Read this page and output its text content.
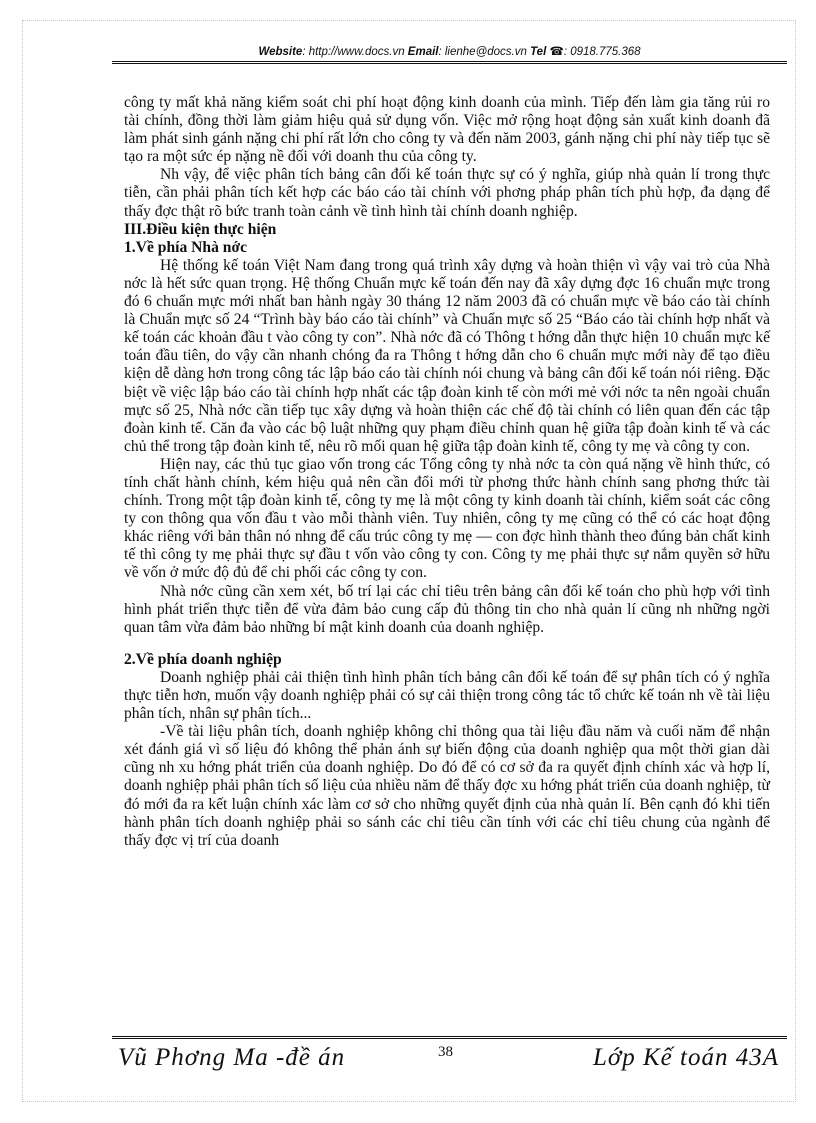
Website: http://www.docs.vn Email: lienhe@docs.vn Tel ☎: 0918.775.368

công ty mất khả năng kiểm soát chi phí hoạt động kinh doanh của mình. Tiếp đến làm gia tăng rủi ro tài chính, đồng thời làm giảm hiệu quả sử dụng vốn. Việc mở rộng hoạt động sản xuất kinh doanh đã làm phát sinh gánh nặng chi phí rất lớn cho công ty và đến năm 2003, gánh nặng chi phí này tiếp tục sẽ tạo ra một sức ép nặng nề đối với doanh thu của công ty.

Nh vậy, để việc phân tích bảng cân đối kế toán thực sự có ý nghĩa, giúp nhà quản lí trong thực tiễn, cần phải phân tích kết hợp các báo cáo tài chính với phơng pháp phân tích phù hợp, đa dạng để thấy đợc thật rõ bức tranh toàn cảnh về tình hình tài chính doanh nghiệp.

III.Điều kiện thực hiện

1.Về phía Nhà nớc

Hệ thống kế toán Việt Nam đang trong quá trình xây dựng và hoàn thiện vì vậy vai trò của Nhà nớc là hết sức quan trọng. Hệ thống Chuẩn mực kế toán đến nay đã xây dựng đợc 16 chuẩn mực trong đó 6 chuẩn mực mới nhất ban hành ngày 30 tháng 12 năm 2003 đã có chuẩn mực về báo cáo tài chính là Chuẩn mực số 24 “Trình bày báo cáo tài chính” và Chuẩn mực số 25 “Báo cáo tài chính hợp nhất và kế toán các khoản đầu t vào công ty con”. Nhà nớc đã có Thông t hớng dẫn thực hiện 10 chuẩn mực kế toán đầu tiên, do vậy cần nhanh chóng đa ra Thông t hớng dẫn cho 6 chuẩn mực mới này để tạo điều kiện dễ dàng hơn trong công tác lập báo cáo tài chính nói chung và bảng cân đối kế toán nói riêng. Đặc biệt về việc lập báo cáo tài chính hợp nhất các tập đoàn kinh tế còn mới mẻ với nớc ta nên ngoài chuẩn mực số 25, Nhà nớc cần tiếp tục xây dựng và hoàn thiện các chế độ tài chính có liên quan đến các tập đoàn kinh tế. Căn đa vào các bộ luật những quy phạm điều chỉnh quan hệ giữa tập đoàn kinh tế và các chủ thể trong tập đoàn kinh tế, nêu rõ mối quan hệ giữa tập đoàn kinh tế, công ty mẹ và công ty con.

Hiện nay, các thủ tục giao vốn trong các Tổng công ty nhà nớc ta còn quá nặng về hình thức, có tính chất hành chính, kém hiệu quả nên cần đổi mới từ phơng thức hành chính sang phơng thức tài chính. Trong một tập đoàn kinh tế, công ty mẹ là một công ty kinh doanh tài chính, kiểm soát các công ty con thông qua vốn đầu t vào mỗi thành viên. Tuy nhiên, công ty mẹ cũng có thể có các hoạt động khác riêng với bản thân nó nhng để cấu trúc công ty mẹ — con đợc hình thành theo đúng bản chất kinh tế thì công ty mẹ phải thực sự đầu t vốn vào công ty con. Công ty mẹ phải thực sự nắm quyền sở hữu về vốn ở mức độ đủ để chi phối các công ty con.

Nhà nớc cũng cần xem xét, bố trí lại các chỉ tiêu trên bảng cân đối kế toán cho phù hợp với tình hình phát triển thực tiễn để vừa đảm bảo cung cấp đủ thông tin cho nhà quản lí cũng nh những ngời quan tâm vừa đảm bảo những bí mật kinh doanh của doanh nghiệp.

2.Về phía doanh nghiệp

Doanh nghiệp phải cải thiện tình hình phân tích bảng cân đối kế toán để sự phân tích có ý nghĩa thực tiễn hơn, muốn vậy doanh nghiệp phải có sự cải thiện trong công tác tổ chức kế toán nh về tài liệu phân tích, nhân sự phân tích...

-Về tài liệu phân tích, doanh nghiệp không chỉ thông qua tài liệu đầu năm và cuối năm để nhận xét đánh giá vì số liệu đó không thể phản ánh sự biến động của doanh nghiệp qua một thời gian dài cũng nh xu hớng phát triển của doanh nghiệp. Do đó để có cơ sở đa ra quyết định chính xác và hợp lí, doanh nghiệp phải phân tích số liệu của nhiều năm để thấy đợc xu hớng phát triển của doanh nghiệp, từ đó mới đa ra kết luận chính xác làm cơ sở cho những quyết định của nhà quản lí. Bên cạnh đó khi tiến hành phân tích doanh nghiệp phải so sánh các chỉ tiêu cần tính với các chỉ tiêu chung của ngành để thấy đợc vị trí của doanh

Vũ Phơng Ma -đề án	38	Lớp Kế toán 43A
